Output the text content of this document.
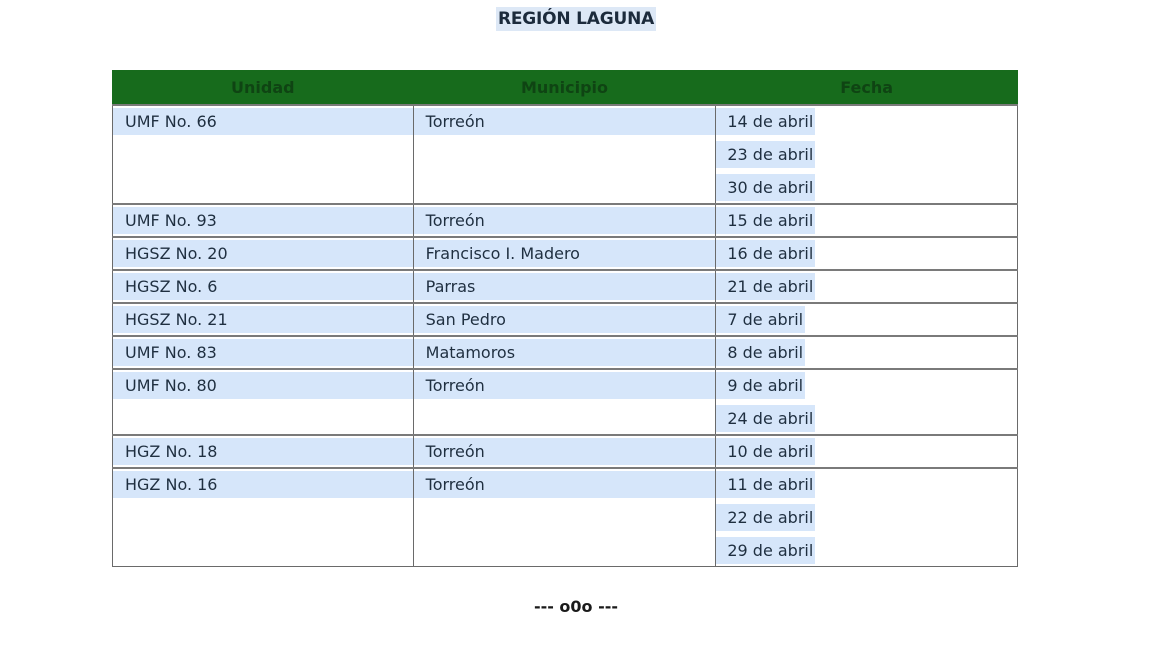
REGIÓN LAGUNA
Unidad	Municipio	Fecha

UMF No. 66	Torreón	14 de abril
23 de abril
30 de abril

UMF No. 93	Torreón	15 de abril

HGSZ No. 20	Francisco I. Madero	16 de abril

HGSZ No. 6	Parras	21 de abril

HGSZ No. 21	San Pedro	7 de abril

UMF No. 83	Matamoros	8 de abril

UMF No. 80	Torreón	9 de abril
24 de abril

HGZ No. 18	Torreón	10 de abril

HGZ No. 16	Torreón	11 de abril
22 de abril
29 de abril
--- o0o ---
